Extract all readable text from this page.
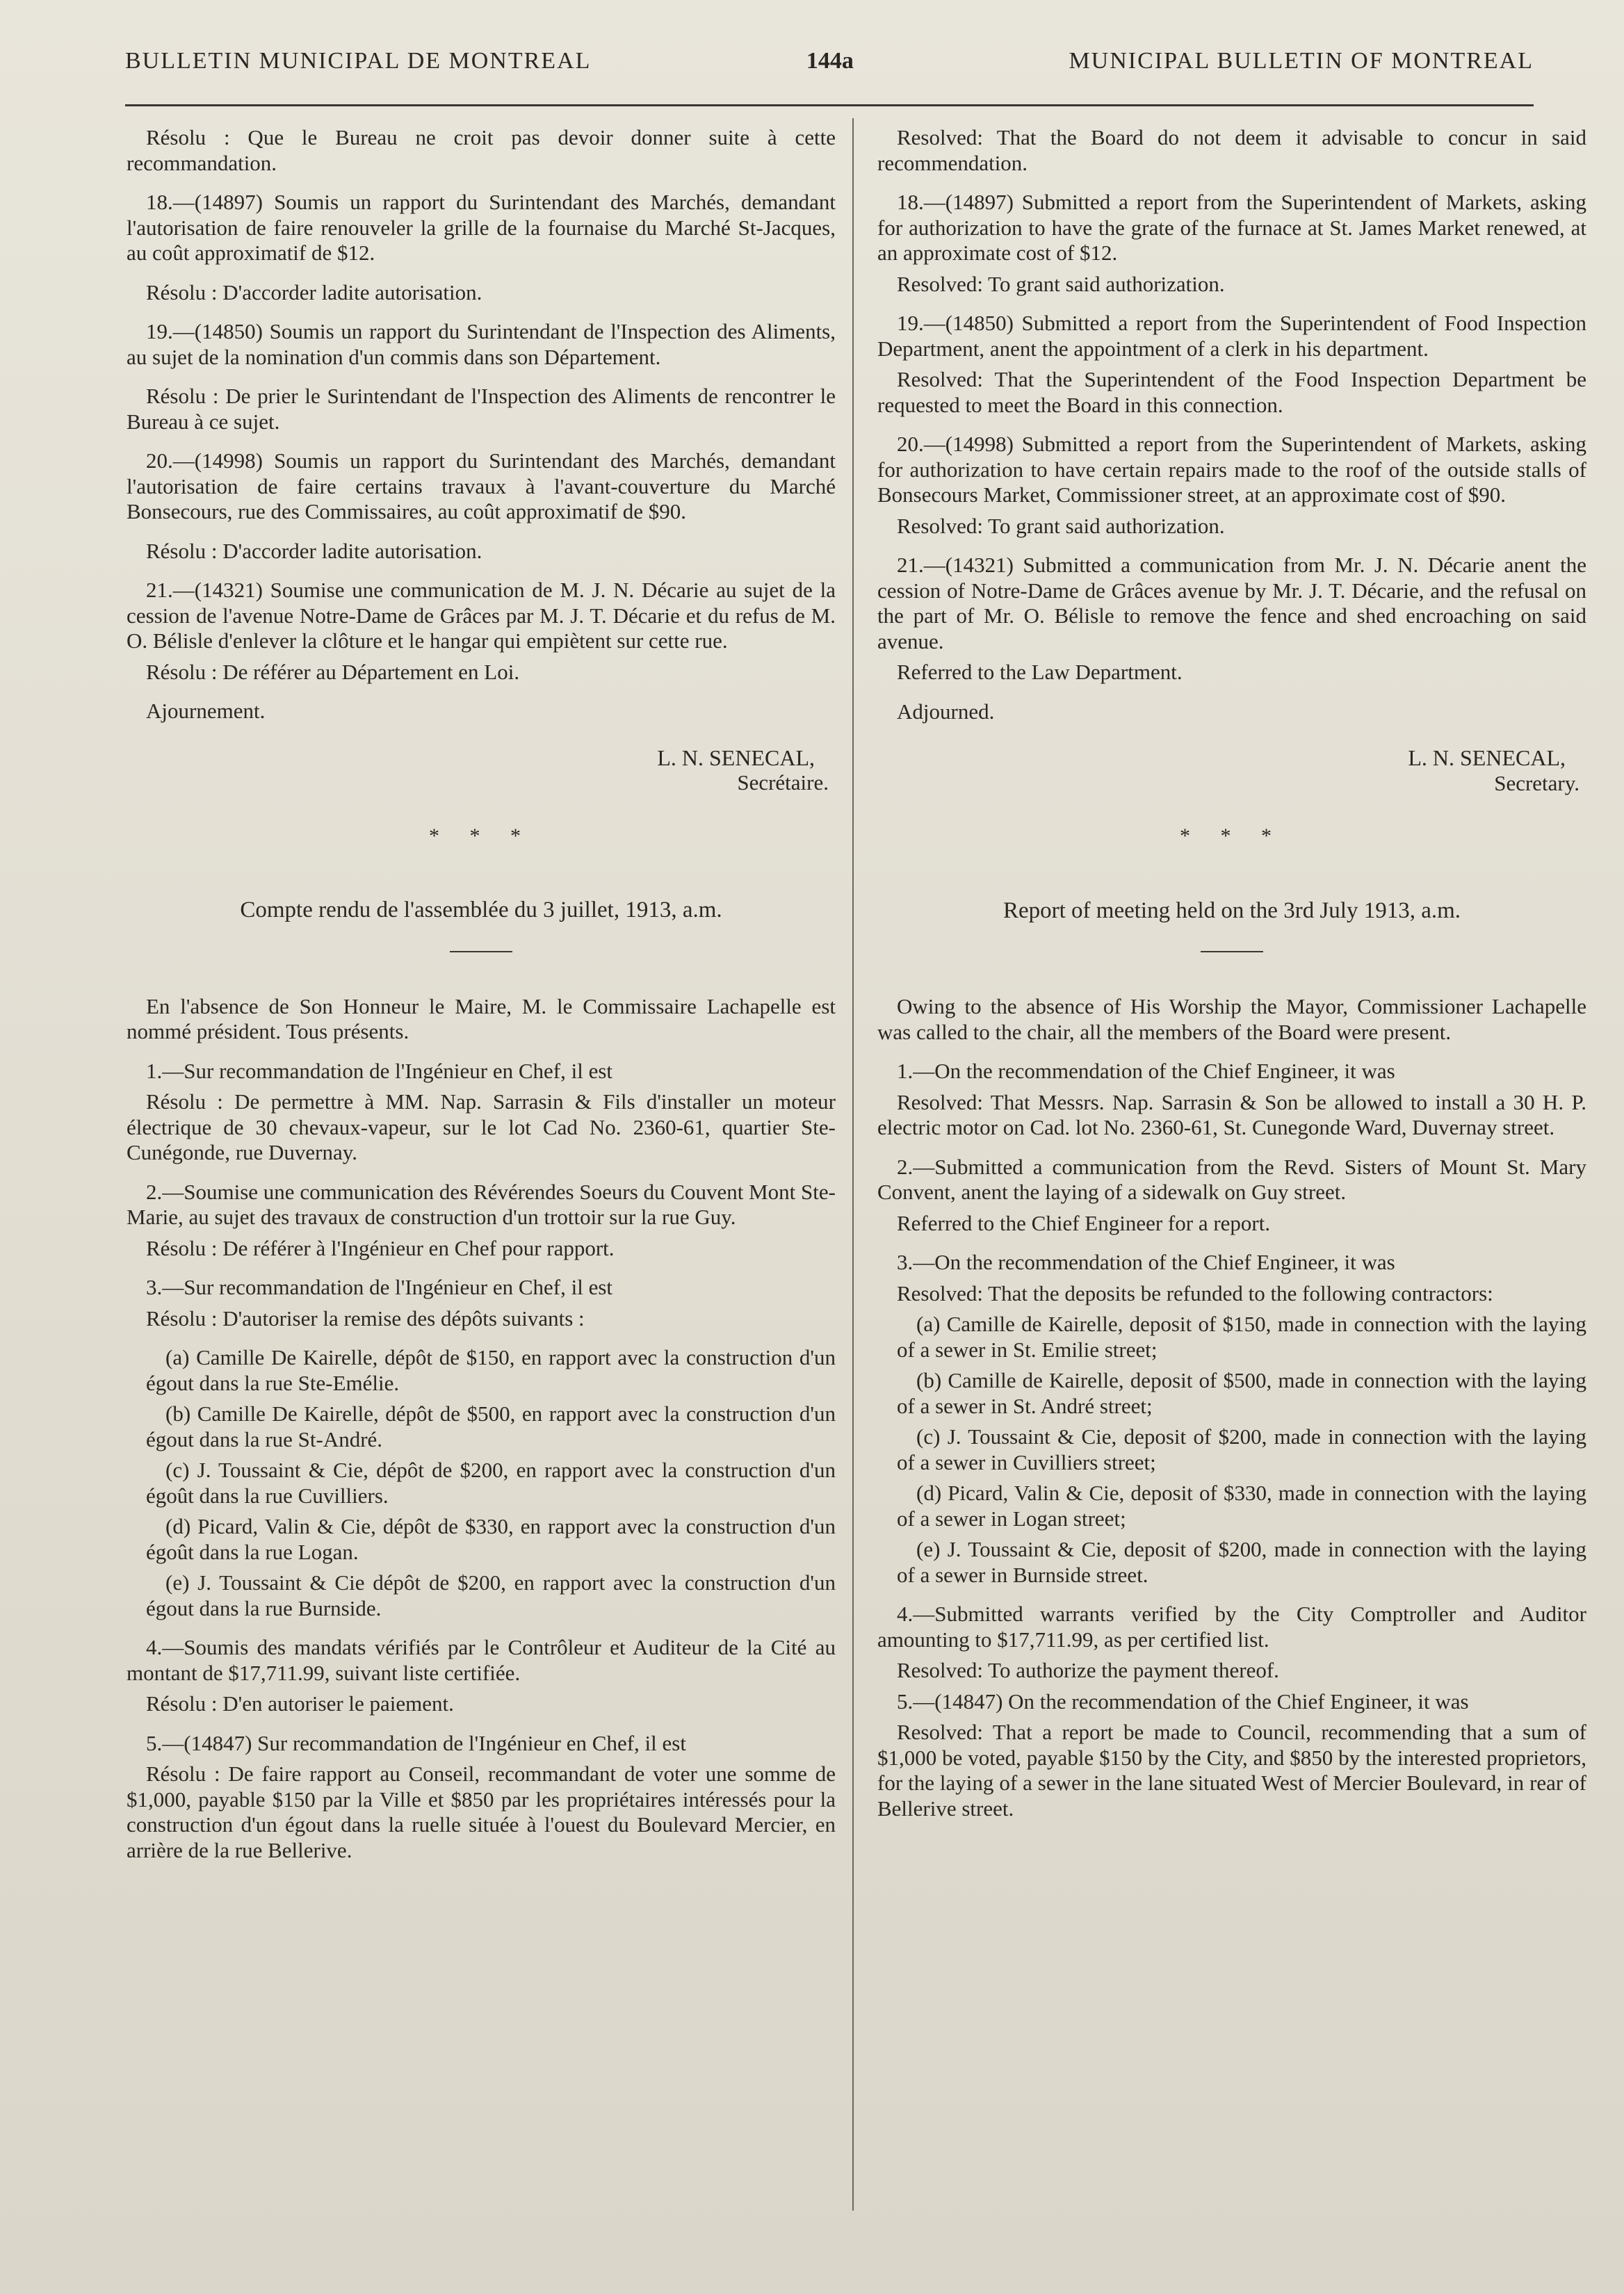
BULLETIN MUNICIPAL DE MONTREAL	144a	MUNICIPAL BULLETIN OF MONTREAL

Résolu : Que le Bureau ne croit pas devoir donner suite à cette recommandation.

18.—(14897) Soumis un rapport du Surintendant des Marchés, demandant l'autorisation de faire renouveler la grille de la fournaise du Marché St-Jacques, au coût approximatif de $12.

Résolu : D'accorder ladite autorisation.

19.—(14850) Soumis un rapport du Surintendant de l'Inspection des Aliments, au sujet de la nomination d'un commis dans son Département.

Résolu : De prier le Surintendant de l'Inspection des Aliments de rencontrer le Bureau à ce sujet.

20.—(14998) Soumis un rapport du Surintendant des Marchés, demandant l'autorisation de faire certains travaux à l'avant-couverture du Marché Bonsecours, rue des Commissaires, au coût approximatif de $90.

Résolu : D'accorder ladite autorisation.

21.—(14321) Soumise une communication de M. J. N. Décarie au sujet de la cession de l'avenue Notre-Dame de Grâces par M. J. T. Décarie et du refus de M. O. Bélisle d'enlever la clôture et le hangar qui empiètent sur cette rue.

Résolu : De référer au Département en Loi.

Ajournement.

L. N. SENECAL,
Secrétaire.
* * *
Compte rendu de l'assemblée du 3 juillet, 1913, a.m.

En l'absence de Son Honneur le Maire, M. le Commissaire Lachapelle est nommé président. Tous présents.

1.—Sur recommandation de l'Ingénieur en Chef, il est

Résolu : De permettre à MM. Nap. Sarrasin & Fils d'installer un moteur électrique de 30 chevaux-vapeur, sur le lot Cad No. 2360-61, quartier Ste-Cunégonde, rue Duvernay.

2.—Soumise une communication des Révérendes Soeurs du Couvent Mont Ste-Marie, au sujet des travaux de construction d'un trottoir sur la rue Guy.

Résolu : De référer à l'Ingénieur en Chef pour rapport.

3.—Sur recommandation de l'Ingénieur en Chef, il est

Résolu : D'autoriser la remise des dépôts suivants :

(a) Camille De Kairelle, dépôt de $150, en rapport avec la construction d'un égout dans la rue Ste-Emélie.

(b) Camille De Kairelle, dépôt de $500, en rapport avec la construction d'un égout dans la rue St-André.

(c) J. Toussaint & Cie, dépôt de $200, en rapport avec la construction d'un égoût dans la rue Cuvilliers.

(d) Picard, Valin & Cie, dépôt de $330, en rapport avec la construction d'un égoût dans la rue Logan.

(e) J. Toussaint & Cie dépôt de $200, en rapport avec la construction d'un égout dans la rue Burnside.

4.—Soumis des mandats vérifiés par le Contrôleur et Auditeur de la Cité au montant de $17,711.99, suivant liste certifiée.

Résolu : D'en autoriser le paiement.

5.—(14847) Sur recommandation de l'Ingénieur en Chef, il est

Résolu : De faire rapport au Conseil, recommandant de voter une somme de $1,000, payable $150 par la Ville et $850 par les propriétaires intéressés pour la construction d'un égout dans la ruelle située à l'ouest du Boulevard Mercier, en arrière de la rue Bellerive.

Resolved: That the Board do not deem it advisable to concur in said recommendation.

18.—(14897) Submitted a report from the Superintendent of Markets, asking for authorization to have the grate of the furnace at St. James Market renewed, at an approximate cost of $12.

Resolved: To grant said authorization.

19.—(14850) Submitted a report from the Superintendent of Food Inspection Department, anent the appointment of a clerk in his department.

Resolved: That the Superintendent of the Food Inspection Department be requested to meet the Board in this connection.

20.—(14998) Submitted a report from the Superintendent of Markets, asking for authorization to have certain repairs made to the roof of the outside stalls of Bonsecours Market, Commissioner street, at an approximate cost of $90.

Resolved: To grant said authorization.

21.—(14321) Submitted a communication from Mr. J. N. Décarie anent the cession of Notre-Dame de Grâces avenue by Mr. J. T. Décarie, and the refusal on the part of Mr. O. Bélisle to remove the fence and shed encroaching on said avenue.

Referred to the Law Department.

Adjourned.

L. N. SENECAL,
Secretary.
* * *
Report of meeting held on the 3rd July 1913, a.m.

Owing to the absence of His Worship the Mayor, Commissioner Lachapelle was called to the chair, all the members of the Board were present.

1.—On the recommendation of the Chief Engineer, it was

Resolved: That Messrs. Nap. Sarrasin & Son be allowed to install a 30 H. P. electric motor on Cad. lot No. 2360-61, St. Cunegonde Ward, Duvernay street.

2.—Submitted a communication from the Revd. Sisters of Mount St. Mary Convent, anent the laying of a sidewalk on Guy street.

Referred to the Chief Engineer for a report.

3.—On the recommendation of the Chief Engineer, it was

Resolved: That the deposits be refunded to the following contractors:

(a) Camille de Kairelle, deposit of $150, made in connection with the laying of a sewer in St. Emilie street;

(b) Camille de Kairelle, deposit of $500, made in connection with the laying of a sewer in St. André street;

(c) J. Toussaint & Cie, deposit of $200, made in connection with the laying of a sewer in Cuvilliers street;

(d) Picard, Valin & Cie, deposit of $330, made in connection with the laying of a sewer in Logan street;

(e) J. Toussaint & Cie, deposit of $200, made in connection with the laying of a sewer in Burnside street.

4.—Submitted warrants verified by the City Comptroller and Auditor amounting to $17,711.99, as per certified list.

Resolved: To authorize the payment thereof.

5.—(14847) On the recommendation of the Chief Engineer, it was

Resolved: That a report be made to Council, recommending that a sum of $1,000 be voted, payable $150 by the City, and $850 by the interested proprietors, for the laying of a sewer in the lane situated West of Mercier Boulevard, in rear of Bellerive street.
